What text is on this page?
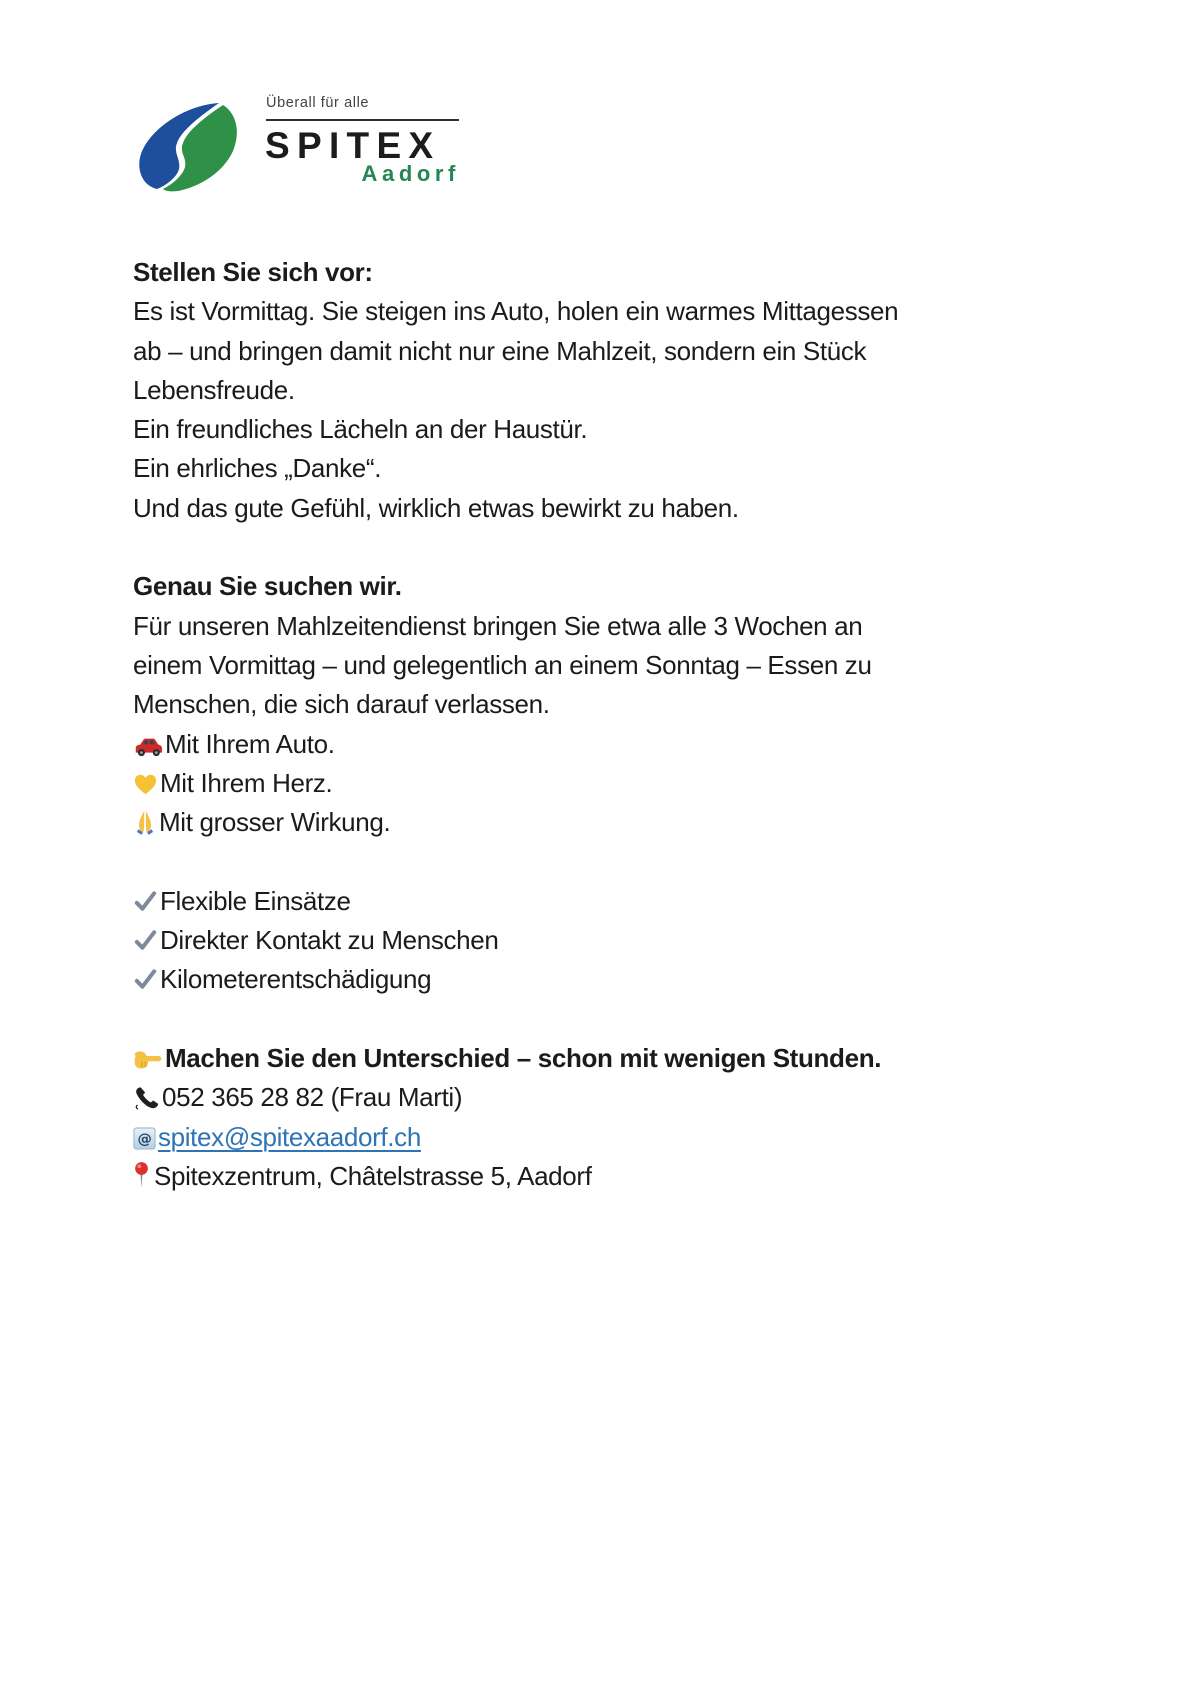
Überall für alle
SPITEX
Aadorf
Stellen Sie sich vor:
Es ist Vormittag. Sie steigen ins Auto, holen ein warmes Mittagessen
ab – und bringen damit nicht nur eine Mahlzeit, sondern ein Stück
Lebensfreude.
Ein freundliches Lächeln an der Haustür.
Ein ehrliches „Danke“.
Und das gute Gefühl, wirklich etwas bewirkt zu haben.
Genau Sie suchen wir.
Für unseren Mahlzeitendienst bringen Sie etwa alle 3 Wochen an
einem Vormittag – und gelegentlich an einem Sonntag – Essen zu
Menschen, die sich darauf verlassen.
Mit Ihrem Auto.
Mit Ihrem Herz.
Mit grosser Wirkung.
Flexible Einsätze
Direkter Kontakt zu Menschen
Kilometerentschädigung
Machen Sie den Unterschied – schon mit wenigen Stunden.
052 365 28 82 (Frau Marti)
@ spitex@spitexaadorf.ch
Spitexzentrum, Châtelstrasse 5, Aadorf
